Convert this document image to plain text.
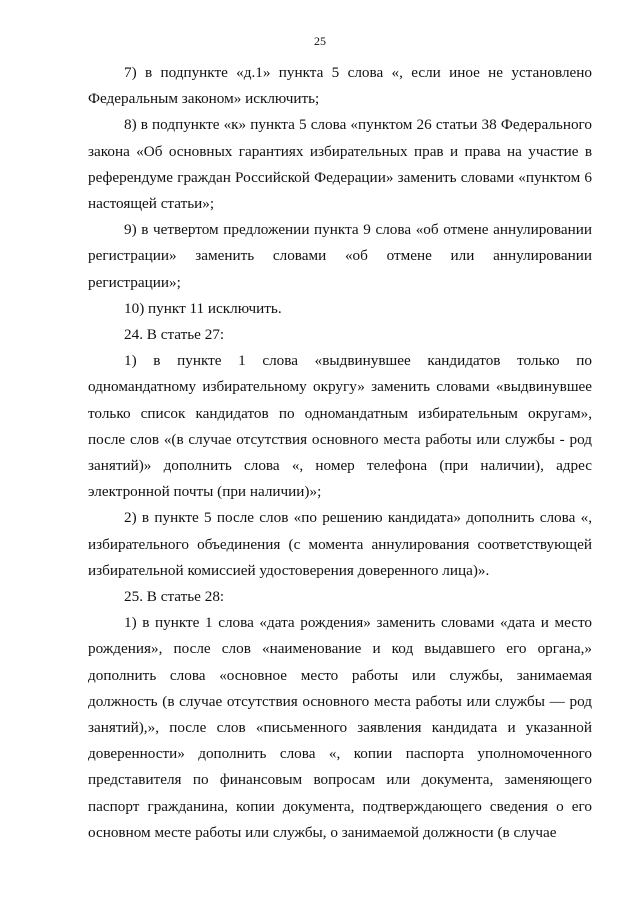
25

7) в подпункте «д.1» пункта 5 слова «, если иное не установлено Федеральным законом» исключить;

8) в подпункте «к» пункта 5 слова «пунктом 26 статьи 38 Федерального закона «Об основных гарантиях избирательных прав и права на участие в референдуме граждан Российской Федерации» заменить словами «пунктом 6 настоящей статьи»;

9) в четвертом предложении пункта 9 слова «об отмене аннулировании регистрации» заменить словами «об отмене или аннулировании регистрации»;

10) пункт 11 исключить.

24. В статье 27:

1) в пункте 1 слова «выдвинувшее кандидатов только по одномандатному избирательному округу» заменить словами «выдвинувшее только список кандидатов по одномандатным избирательным округам», после слов «(в случае отсутствия основного места работы или службы - род занятий)» дополнить слова «, номер телефона (при наличии), адрес электронной почты (при наличии)»;

2) в пункте 5 после слов «по решению кандидата» дополнить слова «, избирательного объединения (с момента аннулирования соответствующей избирательной комиссией удостоверения доверенного лица)».

25. В статье 28:

1) в пункте 1 слова «дата рождения» заменить словами «дата и место рождения», после слов «наименование и код выдавшего его органа,» дополнить слова «основное место работы или службы, занимаемая должность (в случае отсутствия основного места работы или службы — род занятий),», после слов «письменного заявления кандидата и указанной доверенности» дополнить слова «, копии паспорта уполномоченного представителя по финансовым вопросам или документа, заменяющего паспорт гражданина, копии документа, подтверждающего сведения о его основном месте работы или службы, о занимаемой должности (в случае
